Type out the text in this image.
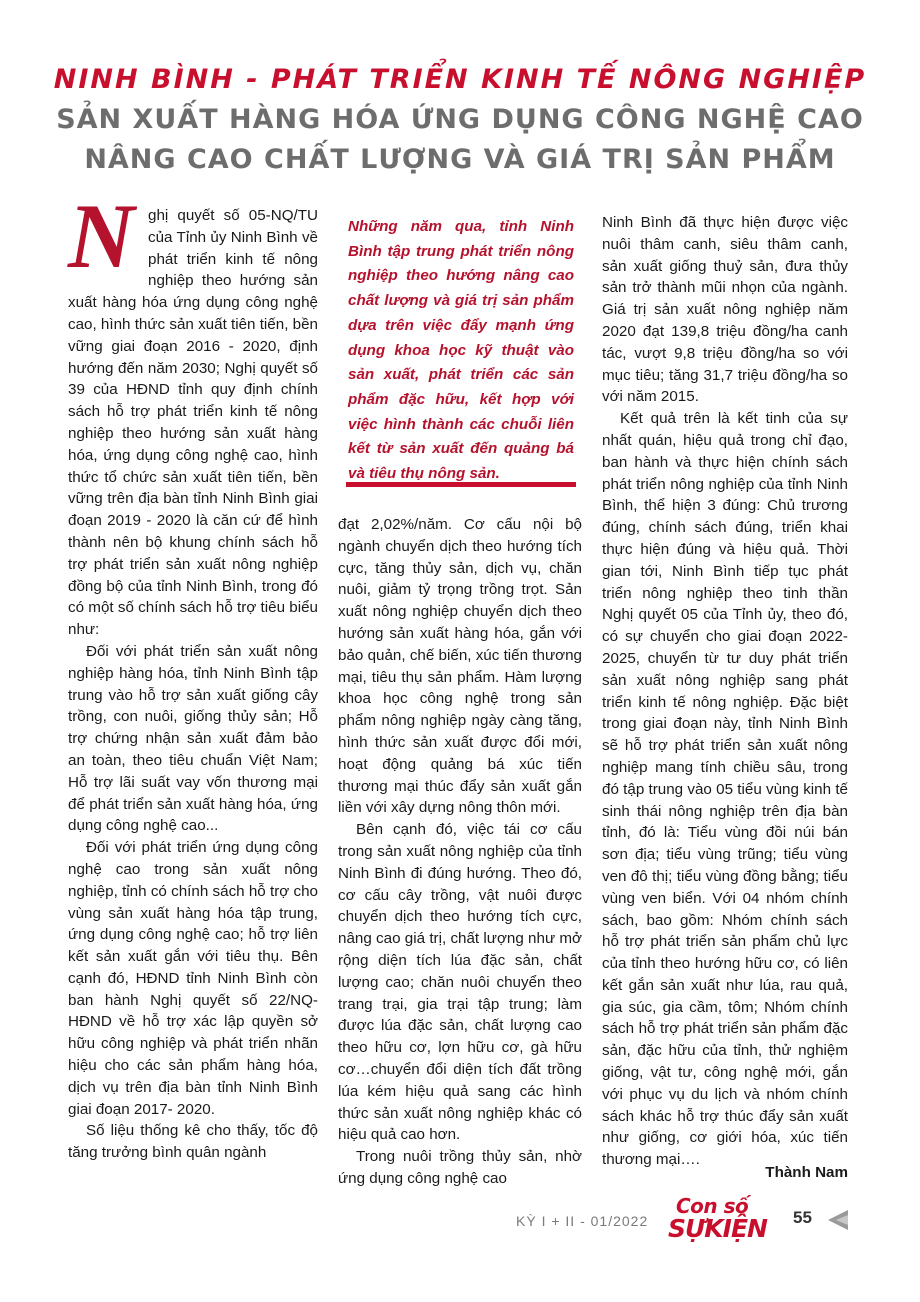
NINH BÌNH - PHÁT TRIỂN KINH TẾ NÔNG NGHIỆP
SẢN XUẤT HÀNG HÓA ỨNG DỤNG CÔNG NGHỆ CAO
NÂNG CAO CHẤT LƯỢNG VÀ GIÁ TRỊ SẢN PHẨM
N ghị quyết số 05-NQ/TU của Tỉnh ủy Ninh Bình về phát triển kinh tế nông nghiệp theo hướng sản xuất hàng hóa ứng dụng công nghệ cao, hình thức sản xuất tiên tiến, bền vững giai đoạn 2016 - 2020, định hướng đến năm 2030; Nghị quyết số 39 của HĐND tỉnh quy định chính sách hỗ trợ phát triển kinh tế nông nghiệp theo hướng sản xuất hàng hóa, ứng dụng công nghệ cao, hình thức tổ chức sản xuất tiên tiến, bền vững trên địa bàn tỉnh Ninh Bình giai đoạn 2019 - 2020 là căn cứ để hình thành nên bộ khung chính sách hỗ trợ phát triển sản xuất nông nghiệp đồng bộ của tỉnh Ninh Bình, trong đó có một số chính sách hỗ trợ tiêu biểu như:

Đối với phát triển sản xuất nông nghiệp hàng hóa, tỉnh Ninh Bình tập trung vào hỗ trợ sản xuất giống cây trồng, con nuôi, giống thủy sản; Hỗ trợ chứng nhận sản xuất đảm bảo an toàn, theo tiêu chuẩn Việt Nam; Hỗ trợ lãi suất vay vốn thương mại để phát triển sản xuất hàng hóa, ứng dụng công nghệ cao...

Đối với phát triển ứng dụng công nghệ cao trong sản xuất nông nghiệp, tỉnh có chính sách hỗ trợ cho vùng sản xuất hàng hóa tập trung, ứng dụng công nghệ cao; hỗ trợ liên kết sản xuất gắn với tiêu thụ. Bên cạnh đó, HĐND tỉnh Ninh Bình còn ban hành Nghị quyết số 22/NQ-HĐND về hỗ trợ xác lập quyền sở hữu công nghiệp và phát triển nhãn hiệu cho các sản phẩm hàng hóa, dịch vụ trên địa bàn tỉnh Ninh Bình giai đoạn 2017- 2020.

Số liệu thống kê cho thấy, tốc độ tăng trưởng bình quân ngành

Những năm qua, tỉnh Ninh Bình tập trung phát triển nông nghiệp theo hướng nâng cao chất lượng và giá trị sản phẩm dựa trên việc đẩy mạnh ứng dụng khoa học kỹ thuật vào sản xuất, phát triển các sản phẩm đặc hữu, kết hợp với việc hình thành các chuỗi liên kết từ sản xuất đến quảng bá và tiêu thụ nông sản.

đạt 2,02%/năm. Cơ cấu nội bộ ngành chuyển dịch theo hướng tích cực, tăng thủy sản, dịch vụ, chăn nuôi, giảm tỷ trọng trồng trọt. Sản xuất nông nghiệp chuyển dịch theo hướng sản xuất hàng hóa, gắn với bảo quản, chế biến, xúc tiến thương mại, tiêu thụ sản phẩm. Hàm lượng khoa học công nghệ trong sản phẩm nông nghiệp ngày càng tăng, hình thức sản xuất được đổi mới, hoạt động quảng bá xúc tiến thương mại thúc đẩy sản xuất gắn liền với xây dựng nông thôn mới.

Bên cạnh đó, việc tái cơ cấu trong sản xuất nông nghiệp của tỉnh Ninh Bình đi đúng hướng. Theo đó, cơ cấu cây trồng, vật nuôi được chuyển dịch theo hướng tích cực, nâng cao giá trị, chất lượng như mở rộng diện tích lúa đặc sản, chất lượng cao; chăn nuôi chuyển theo trang trại, gia trại tập trung; làm được lúa đặc sản, chất lượng cao theo hữu cơ, lợn hữu cơ, gà hữu cơ…chuyển đổi diện tích đất trồng lúa kém hiệu quả sang các hình thức sản xuất nông nghiệp khác có hiệu quả cao hơn.

Trong nuôi trồng thủy sản, nhờ ứng dụng công nghệ cao

Ninh Bình đã thực hiện được việc nuôi thâm canh, siêu thâm canh, sản xuất giống thuỷ sản, đưa thủy sản trở thành mũi nhọn của ngành. Giá trị sản xuất nông nghiệp năm 2020 đạt 139,8 triệu đồng/ha canh tác, vượt 9,8 triệu đồng/ha so với mục tiêu; tăng 31,7 triệu đồng/ha so với năm 2015.

Kết quả trên là kết tinh của sự nhất quán, hiệu quả trong chỉ đạo, ban hành và thực hiện chính sách phát triển nông nghiệp của tỉnh Ninh Bình, thể hiện 3 đúng: Chủ trương đúng, chính sách đúng, triển khai thực hiện đúng và hiệu quả. Thời gian tới, Ninh Bình tiếp tục phát triển nông nghiệp theo tinh thần Nghị quyết 05 của Tỉnh ủy, theo đó, có sự chuyển cho giai đoạn 2022-2025, chuyển từ tư duy phát triển sản xuất nông nghiệp sang phát triển kinh tế nông nghiệp. Đặc biệt trong giai đoạn này, tỉnh Ninh Bình sẽ hỗ trợ phát triển sản xuất nông nghiệp mang tính chiều sâu, trong đó tập trung vào 05 tiểu vùng kinh tế sinh thái nông nghiệp trên địa bàn tỉnh, đó là: Tiểu vùng đồi núi bán sơn địa; tiểu vùng trũng; tiểu vùng ven đô thị; tiểu vùng đồng bằng; tiểu vùng ven biển. Với 04 nhóm chính sách, bao gồm: Nhóm chính sách hỗ trợ phát triển sản phẩm chủ lực của tỉnh theo hướng hữu cơ, có liên kết gắn sản xuất như lúa, rau quả, gia súc, gia cầm, tôm; Nhóm chính sách hỗ trợ phát triển sản phẩm đặc sản, đặc hữu của tỉnh, thử nghiệm giống, vật tư, công nghệ mới, gắn với phục vụ du lịch và nhóm chính sách khác hỗ trợ thúc đẩy sản xuất như giống, cơ giới hóa, xúc tiến thương mại….

Thành Nam
KỲ I + II - 01/2022
Con số
SỰKIỆN 55
